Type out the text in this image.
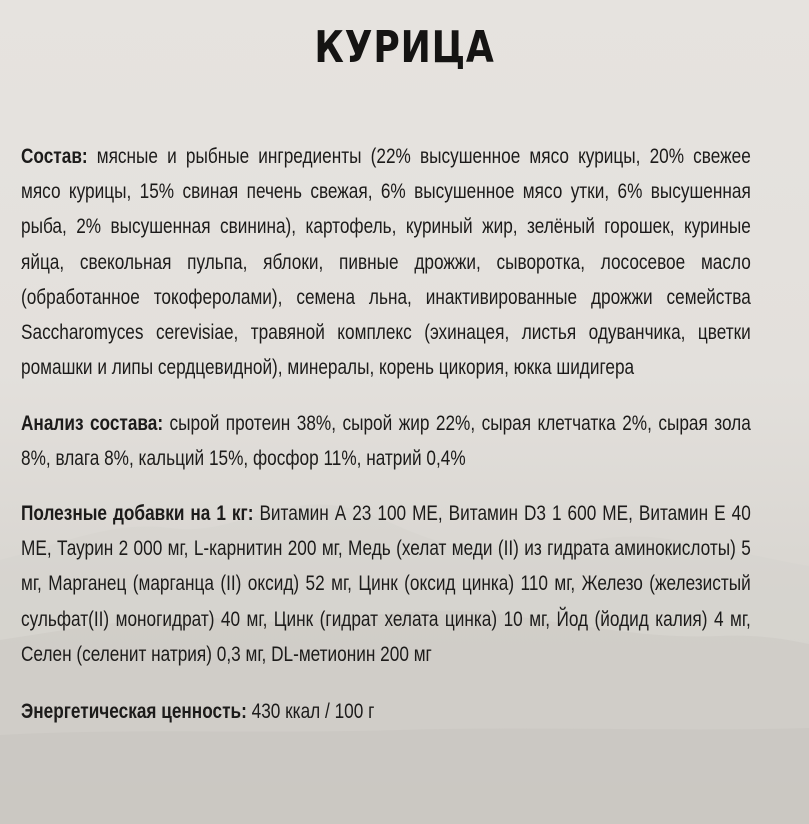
КУРИЦА

Состав: мясные и рыбные ингредиенты (22% высушенное мясо курицы, 20% свежее мясо курицы, 15% свиная печень свежая, 6% высушенное мясо утки, 6% высушенная рыба, 2% высушенная свинина), картофель, куриный жир, зелёный горошек, куриные яйца, свекольная пульпа, яблоки, пивные дрожжи, сыворотка, лососевое масло (обработанное токоферолами), семена льна, инактивированные дрожжи семейства Saccharomyces cerevisiae, травяной комплекс (эхинацея, листья одуванчика, цветки ромашки и липы сердцевидной), минералы, корень цикория, юкка шидигера

Анализ состава: сырой протеин 38%, сырой жир 22%, сырая клетчатка 2%, сырая зола 8%, влага 8%, кальций 15%, фосфор 11%, натрий 0,4%

Полезные добавки на 1 кг: Витамин А 23 100 МЕ, Витамин D3 1 600 МЕ, Витамин Е 40 МЕ, Таурин 2 000 мг, L-карнитин 200 мг, Медь (хелат меди (II) из гидрата аминокислоты) 5 мг, Марганец (марганца (II) оксид) 52 мг, Цинк (оксид цинка) 110 мг, Железо (железистый сульфат(II) моногидрат) 40 мг, Цинк (гидрат хелата цинка) 10 мг, Йод (йодид калия) 4 мг, Селен (селенит натрия) 0,3 мг, DL-метионин 200 мг

Энергетическая ценность: 430 ккал / 100 г
